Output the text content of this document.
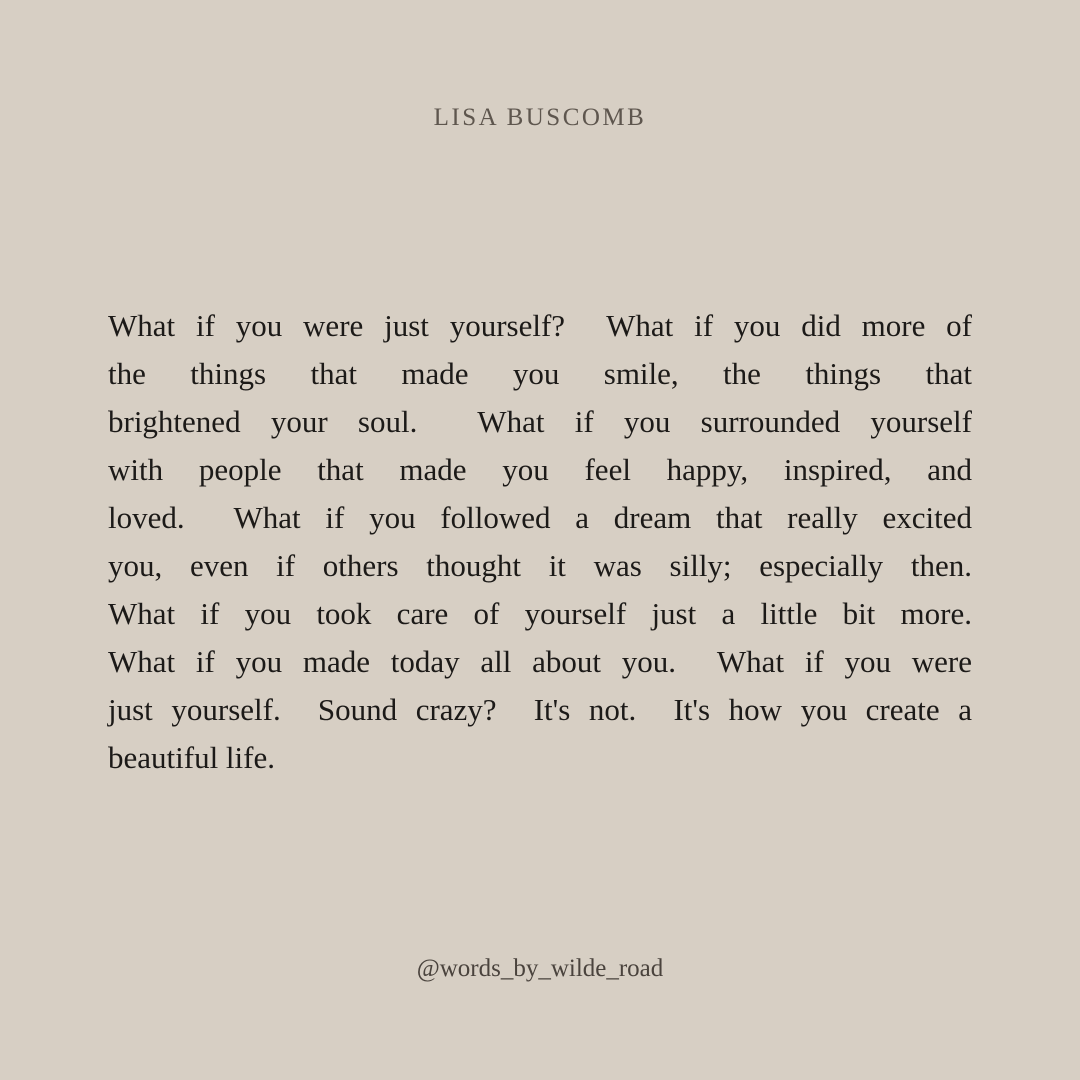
LISA BUSCOMB
What if you were just yourself?  What if you did more of
the things that made you smile, the things that
brightened your soul.  What if you surrounded yourself
with people that made you feel happy, inspired, and
loved.  What if you followed a dream that really excited
you, even if others thought it was silly; especially then.
What if you took care of yourself just a little bit more.
What if you made today all about you.  What if you were
just yourself.  Sound crazy?  It's not.  It's how you create a
beautiful life.
@words_by_wilde_road
